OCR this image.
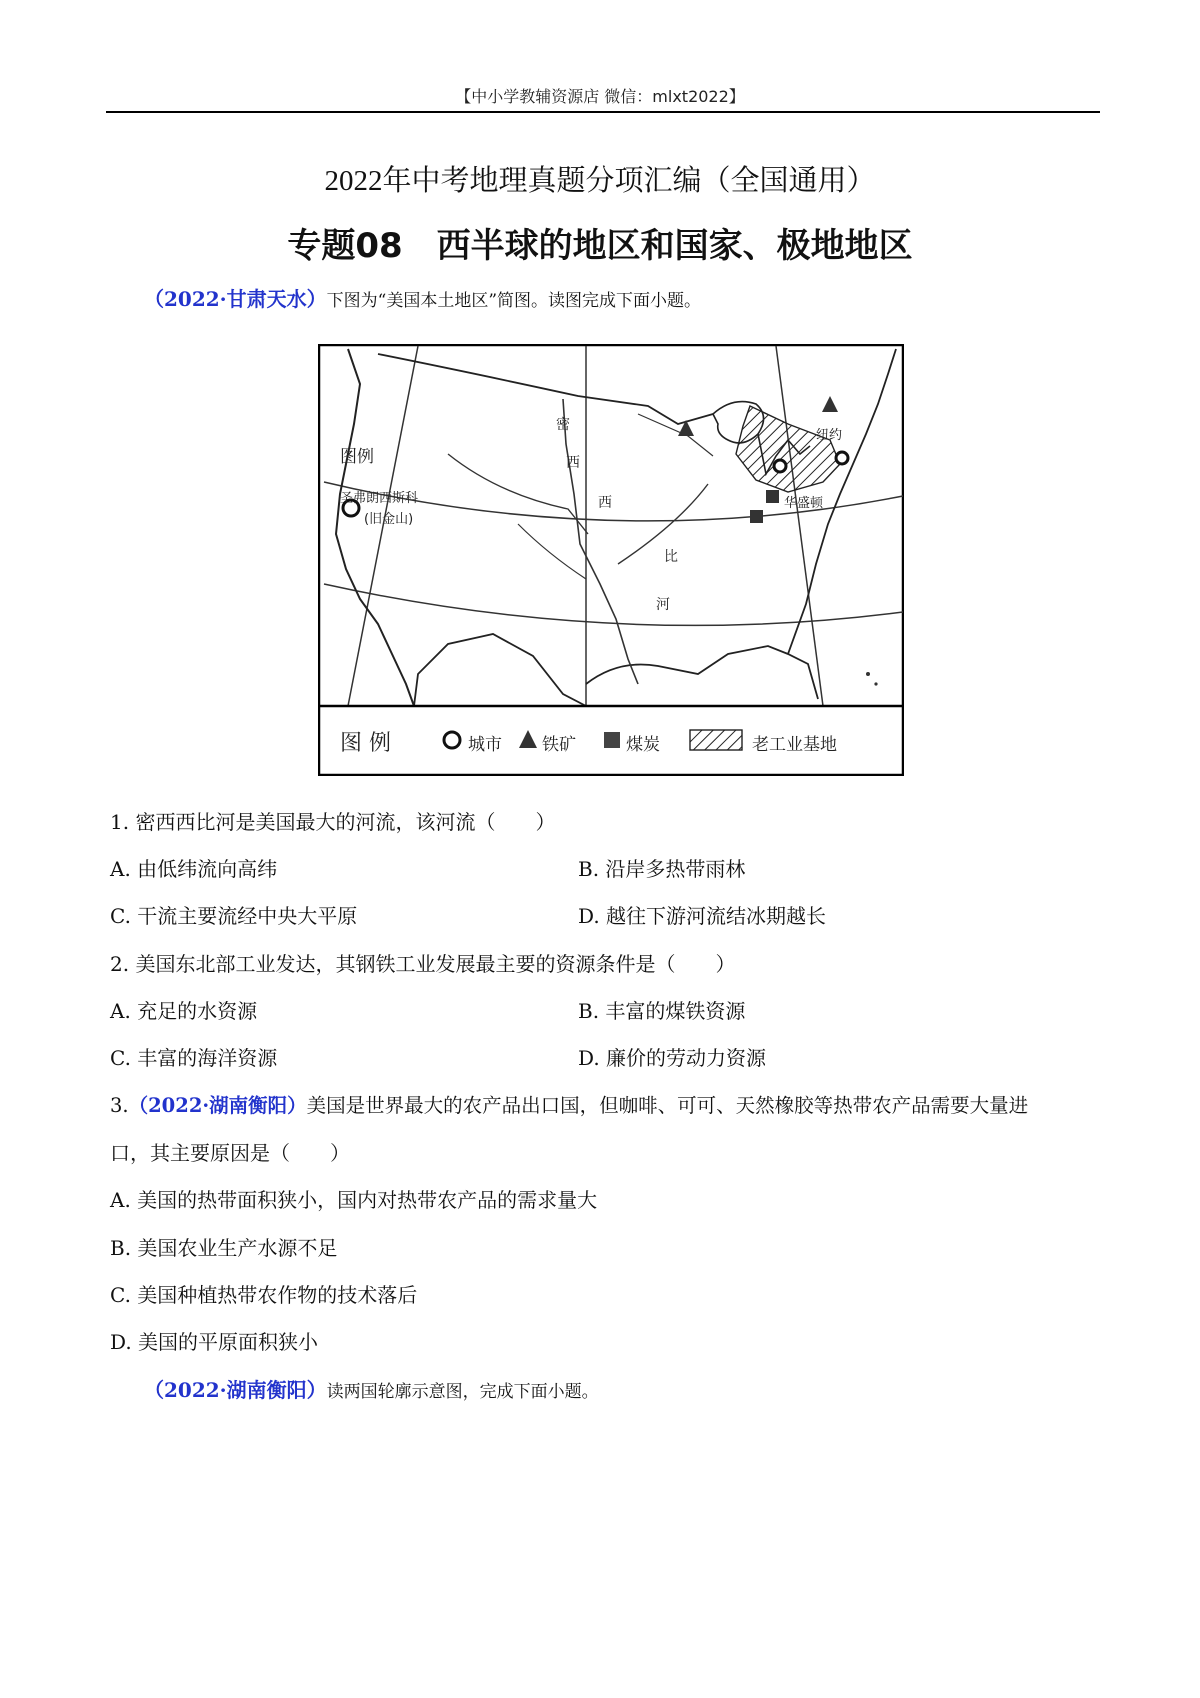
【中小学教辅资源店 微信：mlxt2022】
2022年中考地理真题分项汇编（全国通用）
专题08　西半球的地区和国家、极地地区
（2022·甘肃天水）下图为“美国本土地区”简图。读图完成下面小题。
密
西
西
比
河
图例
圣弗朗西斯科
(旧金山)
纽约
华盛顿
图 例	城市 铁矿	煤炭	老工业基地
1. 密西西比河是美国最大的河流，该河流（　　）
A. 由低纬流向高纬	B. 沿岸多热带雨林
C. 干流主要流经中央大平原	D. 越往下游河流结冰期越长
2. 美国东北部工业发达，其钢铁工业发展最主要的资源条件是（　　）
A. 充足的水资源	B. 丰富的煤铁资源
C. 丰富的海洋资源	D. 廉价的劳动力资源
3.（2022·湖南衡阳）美国是世界最大的农产品出口国，但咖啡、可可、天然橡胶等热带农产品需要大量进
口，其主要原因是（　　）
A. 美国的热带面积狭小，国内对热带农产品的需求量大
B. 美国农业生产水源不足
C. 美国种植热带农作物的技术落后
D. 美国的平原面积狭小
（2022·湖南衡阳）读两国轮廓示意图，完成下面小题。
